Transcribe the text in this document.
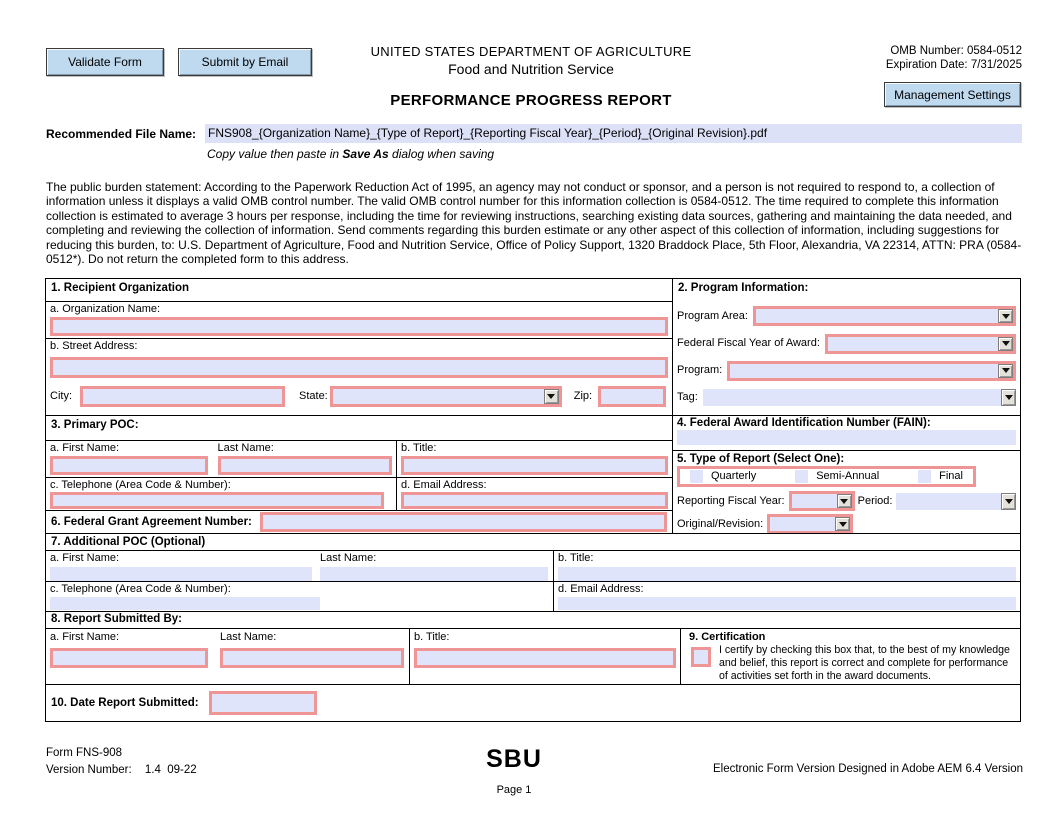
Validate Form	Submit by Email
UNITED STATES DEPARTMENT OF AGRICULTURE
Food and Nutrition Service
PERFORMANCE PROGRESS REPORT
OMB Number: 0584-0512
Expiration Date: 7/31/2025
Management Settings
Recommended File Name: FNS908_{Organization Name}_{Type of Report}_{Reporting Fiscal Year}_{Period}_{Original Revision}.pdf
Copy value then paste in Save As dialog when saving
The public burden statement: According to the Paperwork Reduction Act of 1995, an agency may not conduct or sponsor, and a person is not required to respond to, a collection of information unless it displays a valid OMB control number. The valid OMB control number for this information collection is 0584-0512. The time required to complete this information collection is estimated to average 3 hours per response, including the time for reviewing instructions, searching existing data sources, gathering and maintaining the data needed, and completing and reviewing the collection of information. Send comments regarding this burden estimate or any other aspect of this collection of information, including suggestions for reducing this burden, to: U.S. Department of Agriculture, Food and Nutrition Service, Office of Policy Support, 1320 Braddock Place, 5th Floor, Alexandria, VA 22314, ATTN: PRA (0584-0512*). Do not return the completed form to this address.
1. Recipient Organization
a. Organization Name:
b. Street Address:
City:	State:	Zip:
3. Primary POC:
a. First Name:	Last Name:	b. Title:
c. Telephone (Area Code & Number):	d. Email Address:
6. Federal Grant Agreement Number:
2. Program Information:
Program Area:
Federal Fiscal Year of Award:
Program:
Tag:
4. Federal Award Identification Number (FAIN):
5. Type of Report (Select One):
Quarterly	Semi-Annual	Final
Reporting Fiscal Year:	Period:
Original/Revision:
7. Additional POC (Optional)
a. First Name:	Last Name:	b. Title:
c. Telephone (Area Code & Number):	d. Email Address:
8. Report Submitted By:
a. First Name:	Last Name:	b. Title:	9. Certification
I certify by checking this box that, to the best of my knowledge and belief, this report is correct and complete for performance of activities set forth in the award documents.
10. Date Report Submitted:
Form FNS-908
Version Number: 1.4  09-22	SBU
Page 1
Electronic Form Version Designed in Adobe AEM 6.4 Version
